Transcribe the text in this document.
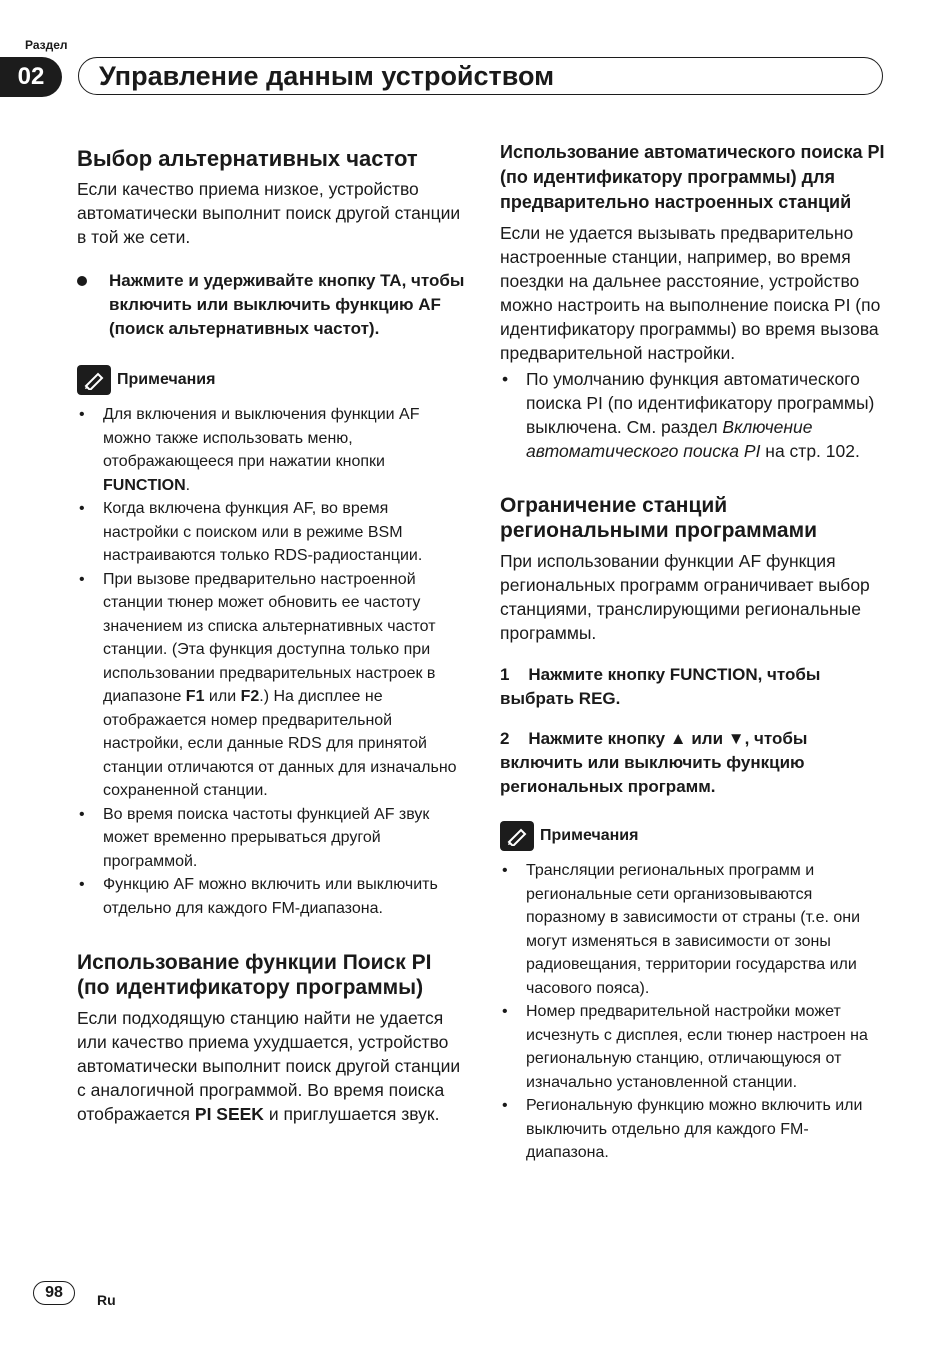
Раздел
02	Управление данным устройством
Выбор альтернативных частот

Если качество приема низкое, устройство автоматически выполнит поиск другой станции в той же сети.

Нажмите и удерживайте кнопку TA, чтобы включить или выключить функцию AF (поиск альтернативных частот).
Примечания
• Для включения и выключения функции AF можно также использовать меню, отображающееся при нажатии кнопки FUNCTION.
• Когда включена функция AF, во время настройки с поиском или в режиме BSM настраиваются только RDS-радиостанции.
• При вызове предварительно настроенной станции тюнер может обновить ее частоту значением из списка альтернативных частот станции. (Эта функция доступна только при использовании предварительных настроек в диапазоне F1 или F2.) На дисплее не отображается номер предварительной настройки, если данные RDS для принятой станции отличаются от данных для изначально сохраненной станции.
• Во время поиска частоты функцией AF звук может временно прерываться другой программой.
• Функцию AF можно включить или выключить отдельно для каждого FM-диапазона.
Использование функции Поиск PI (по идентификатору программы)

Если подходящую станцию найти не удается или качество приема ухудшается, устройство автоматически выполнит поиск другой станции с аналогичной программой. Во время поиска отображается PI SEEK и приглушается звук.

Использование автоматического поиска PI (по идентификатору программы) для предварительно настроенных станций

Если не удается вызывать предварительно настроенные станции, например, во время поездки на дальнее расстояние, устройство можно настроить на выполнение поиска PI (по идентификатору программы) во время вызова предварительной настройки.

• По умолчанию функция автоматического поиска PI (по идентификатору программы) выключена. См. раздел Включение автоматического поиска PI на стр. 102.
Ограничение станций региональными программами

При использовании функции AF функция региональных программ ограничивает выбор станциями, транслирующими региональные программы.

1    Нажмите кнопку FUNCTION, чтобы выбрать REG.

2    Нажмите кнопку ▲ или ▼, чтобы включить или выключить функцию региональных программ.

Примечания
• Трансляции региональных программ и региональные сети организовываются поразному в зависимости от страны (т.е. они могут изменяться в зависимости от зоны радиовещания, территории государства или часового пояса).
• Номер предварительной настройки может исчезнуть с дисплея, если тюнер настроен на региональную станцию, отличающуюся от изначально установленной станции.
• Региональную функцию можно включить или выключить отдельно для каждого FM-диапазона.
98	Ru
